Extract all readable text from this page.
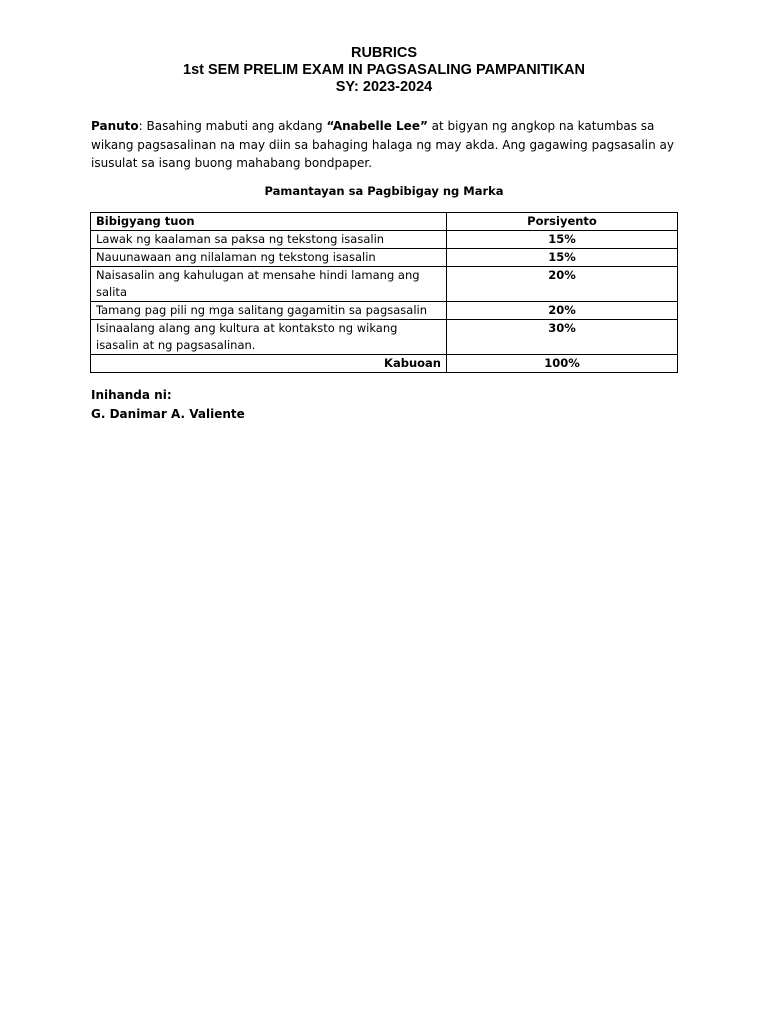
RUBRICS
1st SEM PRELIM EXAM IN PAGSASALING PAMPANITIKAN
SY: 2023-2024
Panuto: Basahing mabuti ang akdang “Anabelle Lee” at bigyan ng angkop na katumbas sa wikang pagsasalinan na may diin sa bahaging halaga ng may akda. Ang gagawing pagsasalin ay isusulat sa isang buong mahabang bondpaper.
Pamantayan sa Pagbibigay ng Marka
Bibigyang tuon	Porsiyento
Lawak ng kaalaman sa paksa ng tekstong isasalin	15%
Nauunawaan ang nilalaman ng tekstong isasalin	15%
Naisasalin ang kahulugan at mensahe hindi lamang ang salita	20%
Tamang pag pili ng mga salitang gagamitin sa pagsasalin	20%
Isinaalang alang ang kultura at kontaksto ng wikang isasalin at ng pagsasalinan.	30%
Kabuoan	100%
Inihanda ni:
G. Danimar A. Valiente
